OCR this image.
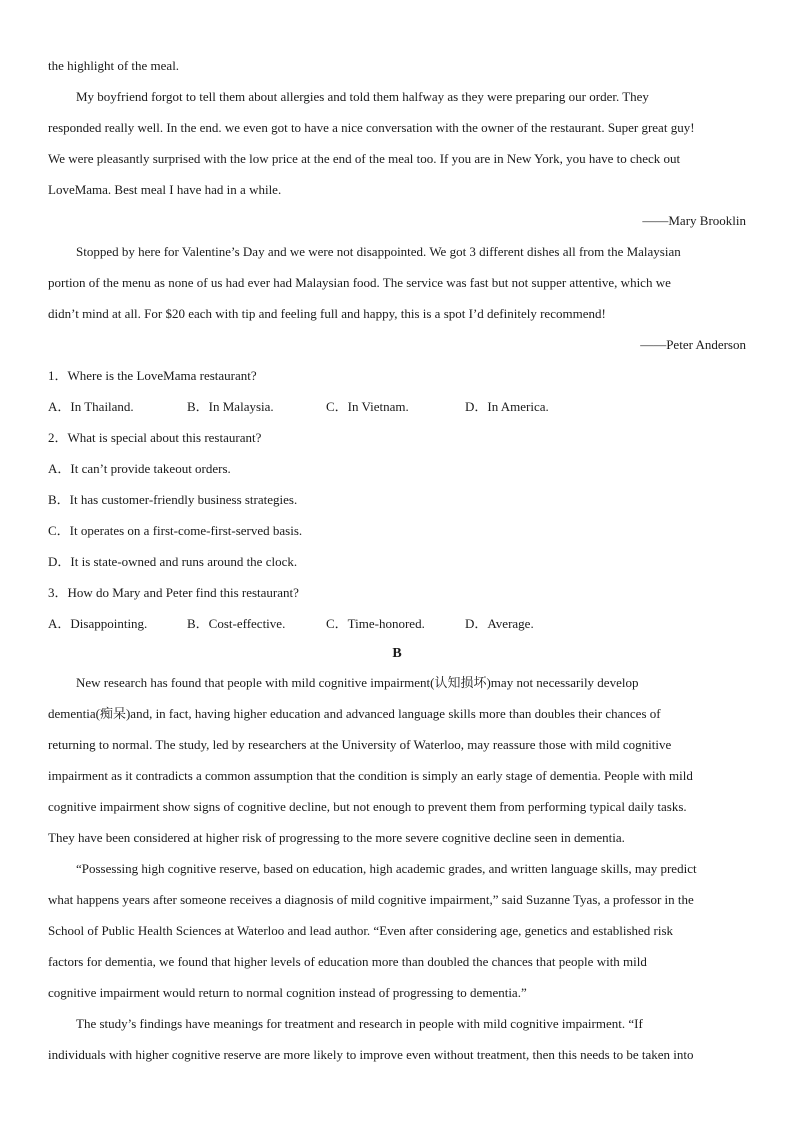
the highlight of the meal.
My boyfriend forgot to tell them about allergies and told them halfway as they were preparing our order. They
responded really well. In the end. we even got to have a nice conversation with the owner of the restaurant. Super great guy!
We were pleasantly surprised with the low price at the end of the meal too. If you are in New York, you have to check out
LoveMama. Best meal I have had in a while.
——Mary Brooklin
Stopped by here for Valentine’s Day and we were not disappointed. We got 3 different dishes all from the Malaysian
portion of the menu as none of us had ever had Malaysian food. The service was fast but not supper attentive, which we
didn’t mind at all. For $20 each with tip and feeling full and happy, this is a spot I’d definitely recommend!
——Peter Anderson
1．Where is the LoveMama restaurant?
A．In Thailand.	B．In Malaysia.	C．In Vietnam.	D．In America.
2．What is special about this restaurant?
A．It can’t provide takeout orders.
B．It has customer-friendly business strategies.
C．It operates on a first-come-first-served basis.
D．It is state-owned and runs around the clock.
3．How do Mary and Peter find this restaurant?
A．Disappointing.	B．Cost-effective.	C．Time-honored.	D．Average.
B
New research has found that people with mild cognitive impairment(认知损坏)may not necessarily develop
dementia(痴呆)and, in fact, having higher education and advanced language skills more than doubles their chances of
returning to normal. The study, led by researchers at the University of Waterloo, may reassure those with mild cognitive
impairment as it contradicts a common assumption that the condition is simply an early stage of dementia. People with mild
cognitive impairment show signs of cognitive decline, but not enough to prevent them from performing typical daily tasks.
They have been considered at higher risk of progressing to the more severe cognitive decline seen in dementia.
“Possessing high cognitive reserve, based on education, high academic grades, and written language skills, may predict
what happens years after someone receives a diagnosis of mild cognitive impairment,” said Suzanne Tyas, a professor in the
School of Public Health Sciences at Waterloo and lead author. “Even after considering age, genetics and established risk
factors for dementia, we found that higher levels of education more than doubled the chances that people with mild
cognitive impairment would return to normal cognition instead of progressing to dementia.”
The study’s findings have meanings for treatment and research in people with mild cognitive impairment. “If
individuals with higher cognitive reserve are more likely to improve even without treatment, then this needs to be taken into
